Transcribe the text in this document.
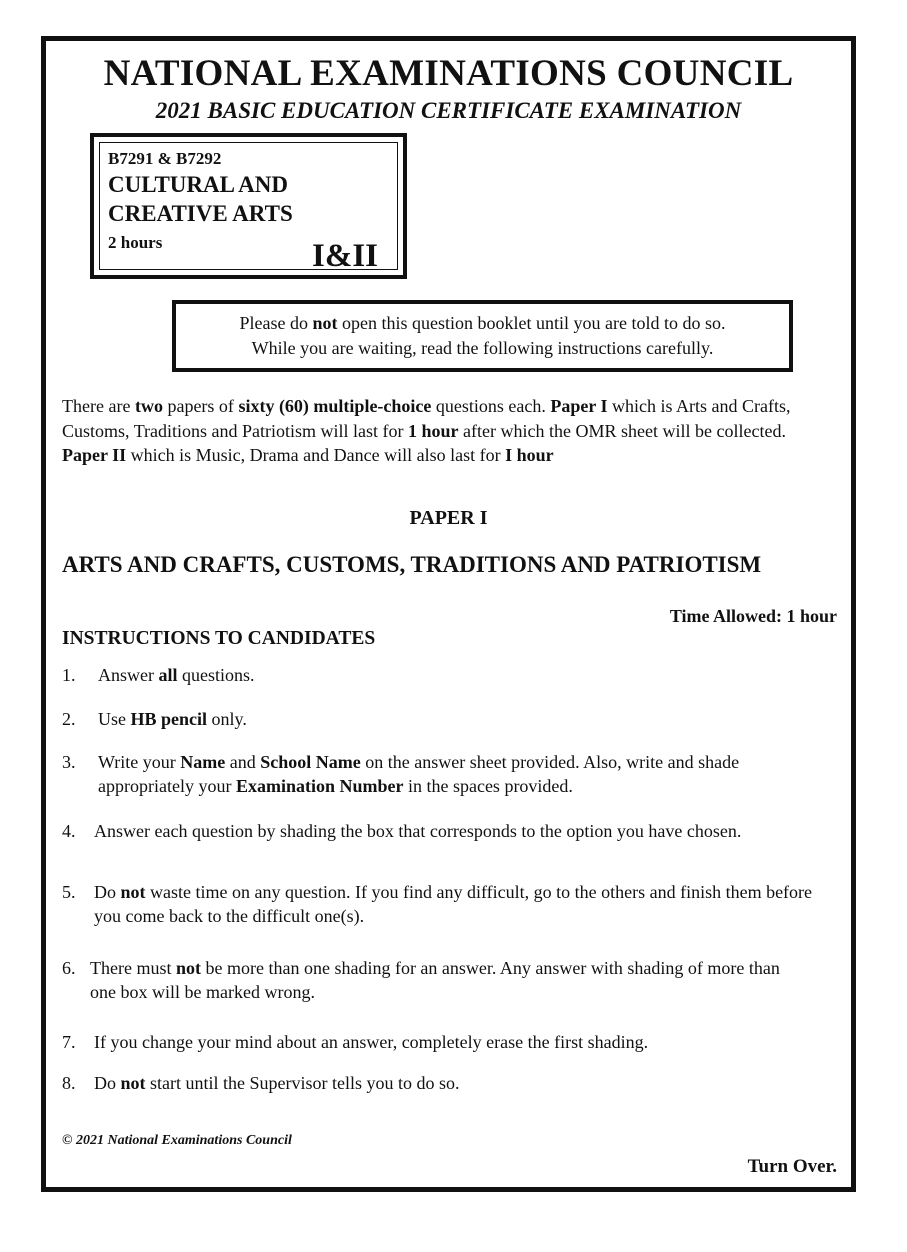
NATIONAL EXAMINATIONS COUNCIL
2021 BASIC EDUCATION CERTIFICATE EXAMINATION
B7291 & B7292
CULTURAL AND
CREATIVE ARTS
2 hours	I&II
Please do not open this question booklet until you are told to do so.
While you are waiting, read the following instructions carefully.
There are two papers of sixty (60) multiple-choice questions each. Paper I which is Arts and Crafts, Customs, Traditions and Patriotism will last for 1 hour after which the OMR sheet will be collected. Paper II which is Music, Drama and Dance will also last for I hour
PAPER I
ARTS AND CRAFTS, CUSTOMS, TRADITIONS AND PATRIOTISM
Time Allowed: 1 hour
INSTRUCTIONS TO CANDIDATES
1. Answer all questions.
2. Use HB pencil only.
3. Write your Name and School Name on the answer sheet provided. Also, write and shade appropriately your Examination Number in the spaces provided.
4. Answer each question by shading the box that corresponds to the option you have chosen.
5. Do not waste time on any question. If you find any difficult, go to the others and finish them before you come back to the difficult one(s).
6. There must not be more than one shading for an answer. Any answer with shading of more than one box will be marked wrong.
7. If you change your mind about an answer, completely erase the first shading.
8. Do not start until the Supervisor tells you to do so.
© 2021 National Examinations Council
Turn Over.
